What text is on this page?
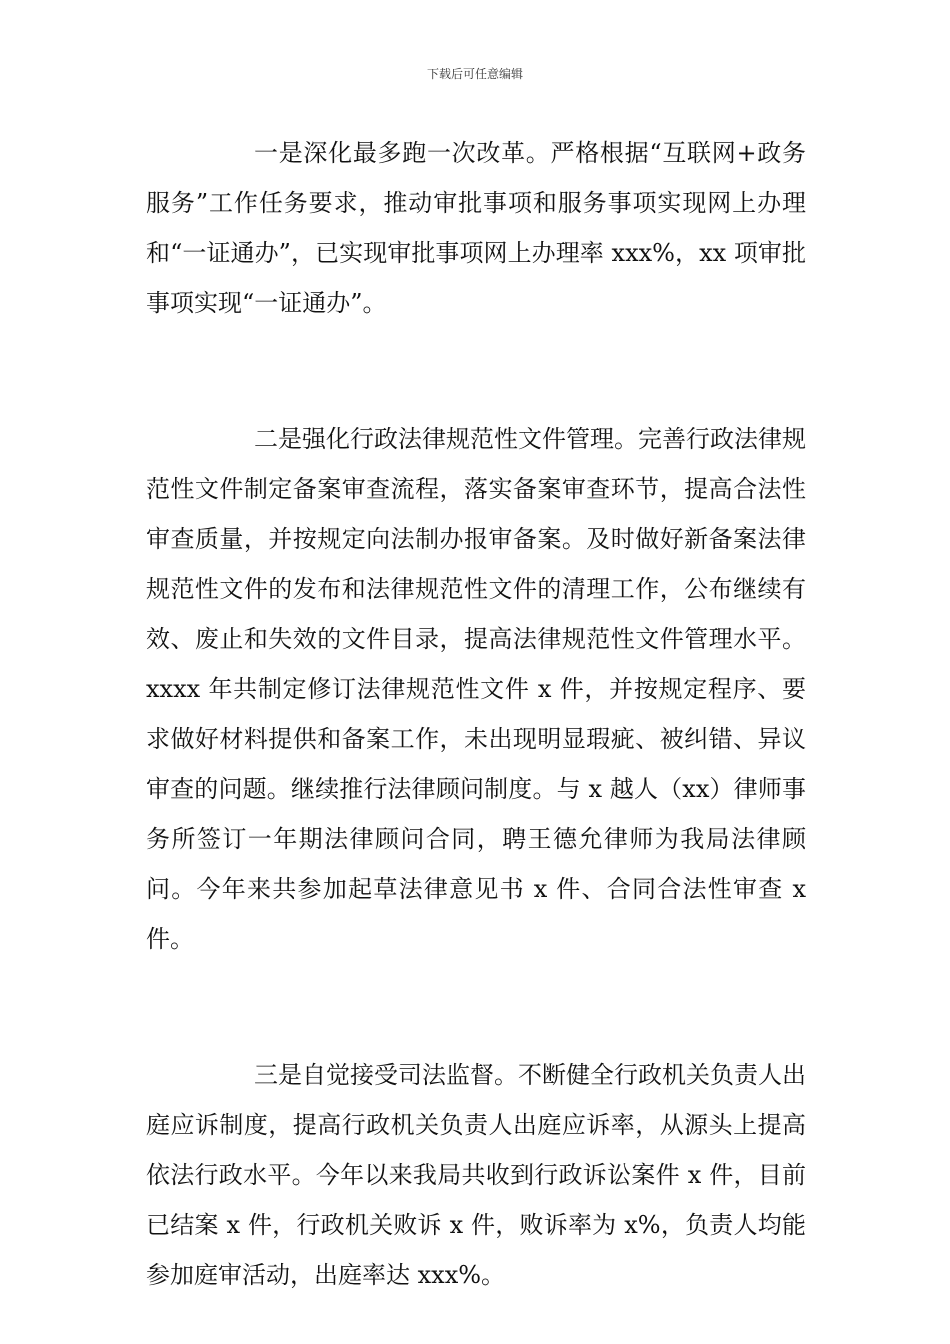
下载后可任意编辑

一是深化最多跑一次改革。严格根据“互联网+政务服务”工作任务要求，推动审批事项和服务事项实现网上办理和“一证通办”，已实现审批事项网上办理率 xxx%，xx 项审批事项实现“一证通办”。

二是强化行政法律规范性文件管理。完善行政法律规范性文件制定备案审查流程，落实备案审查环节，提高合法性审查质量，并按规定向法制办报审备案。及时做好新备案法律规范性文件的发布和法律规范性文件的清理工作，公布继续有效、废止和失效的文件目录，提高法律规范性文件管理水平。xxxx 年共制定修订法律规范性文件 x 件，并按规定程序、要求做好材料提供和备案工作，未出现明显瑕疵、被纠错、异议审查的问题。继续推行法律顾问制度。与 x 越人（xx）律师事务所签订一年期法律顾问合同，聘王德允律师为我局法律顾问。今年来共参加起草法律意见书 x 件、合同合法性审查 x 件。

三是自觉接受司法监督。不断健全行政机关负责人出庭应诉制度，提高行政机关负责人出庭应诉率，从源头上提高依法行政水平。今年以来我局共收到行政诉讼案件 x 件，目前已结案 x 件，行政机关败诉 x 件，败诉率为 x%，负责人均能参加庭审活动，出庭率达 xxx%。
